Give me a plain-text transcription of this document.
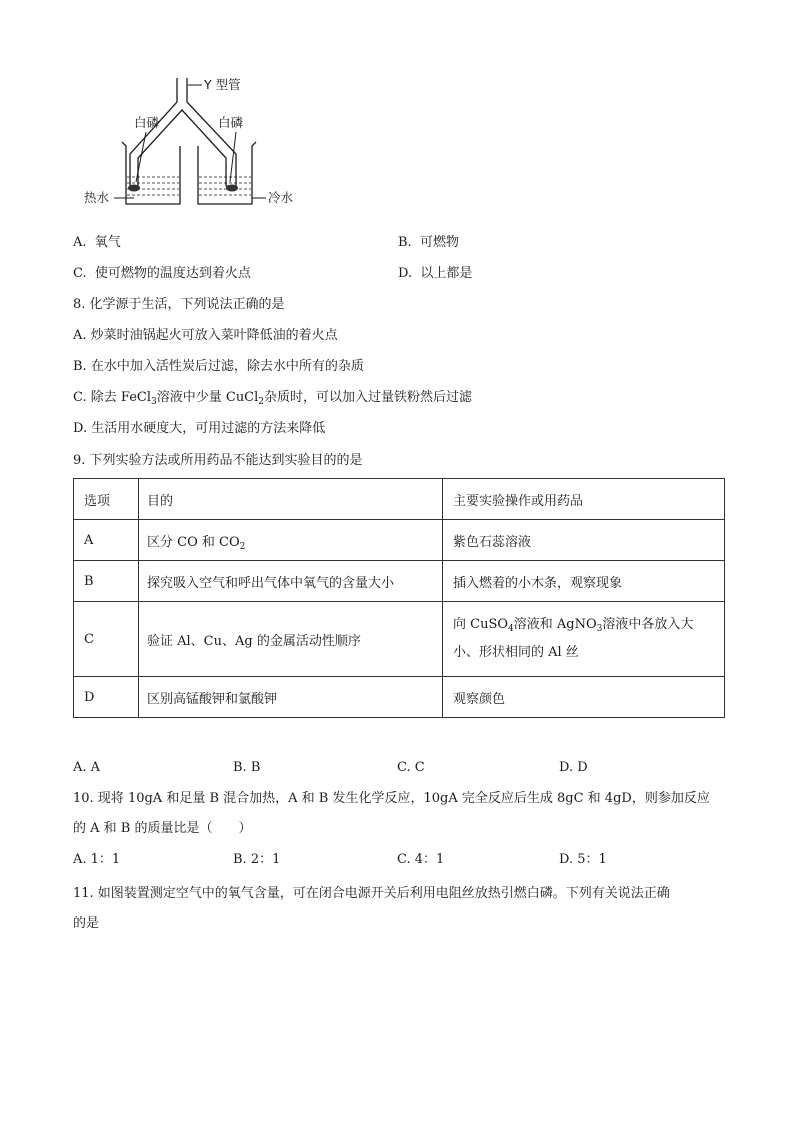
Y 型管
白磷	白磷
热水	冷水
A. 氧气	B. 可燃物
C. 使可燃物的温度达到着火点	D. 以上都是
8. 化学源于生活，下列说法正确的是
A. 炒菜时油锅起火可放入菜叶降低油的着火点
B. 在水中加入活性炭后过滤，除去水中所有的杂质
C. 除去 FeCl$_3$溶液中少量 CuCl$_2$杂质时，可以加入过量铁粉然后过滤
D. 生活用水硬度大，可用过滤的方法来降低
9. 下列实验方法或所用药品不能达到实验目的的是
选项	目的	主要实验操作或用药品
A	区分 CO 和 $CO_2$	紫色石蕊溶液
B	探究吸入空气和呼出气体中氧气的含量大小	插入燃着的小木条，观察现象
C	验证 Al、Cu、Ag 的金属活动性顺序	向 CuSO$_4$溶液和 AgNO$_3$溶液中各放入大
小、形状相同的 Al 丝
D	区别高锰酸钾和氯酸钾	观察颜色
A. A	B. B	C. C	D. D
10. 现将 10gA 和足量 B 混合加热，A 和 B 发生化学反应，10gA 完全反应后生成 8gC 和 4gD，则参加反应
的 A 和 B 的质量比是（　　）
A. 1：1	B. 2：1	C. 4：1	D. 5：1
11. 如图装置测定空气中的氧气含量，可在闭合电源开关后利用电阻丝放热引燃白磷。下列有关说法正确
的是
